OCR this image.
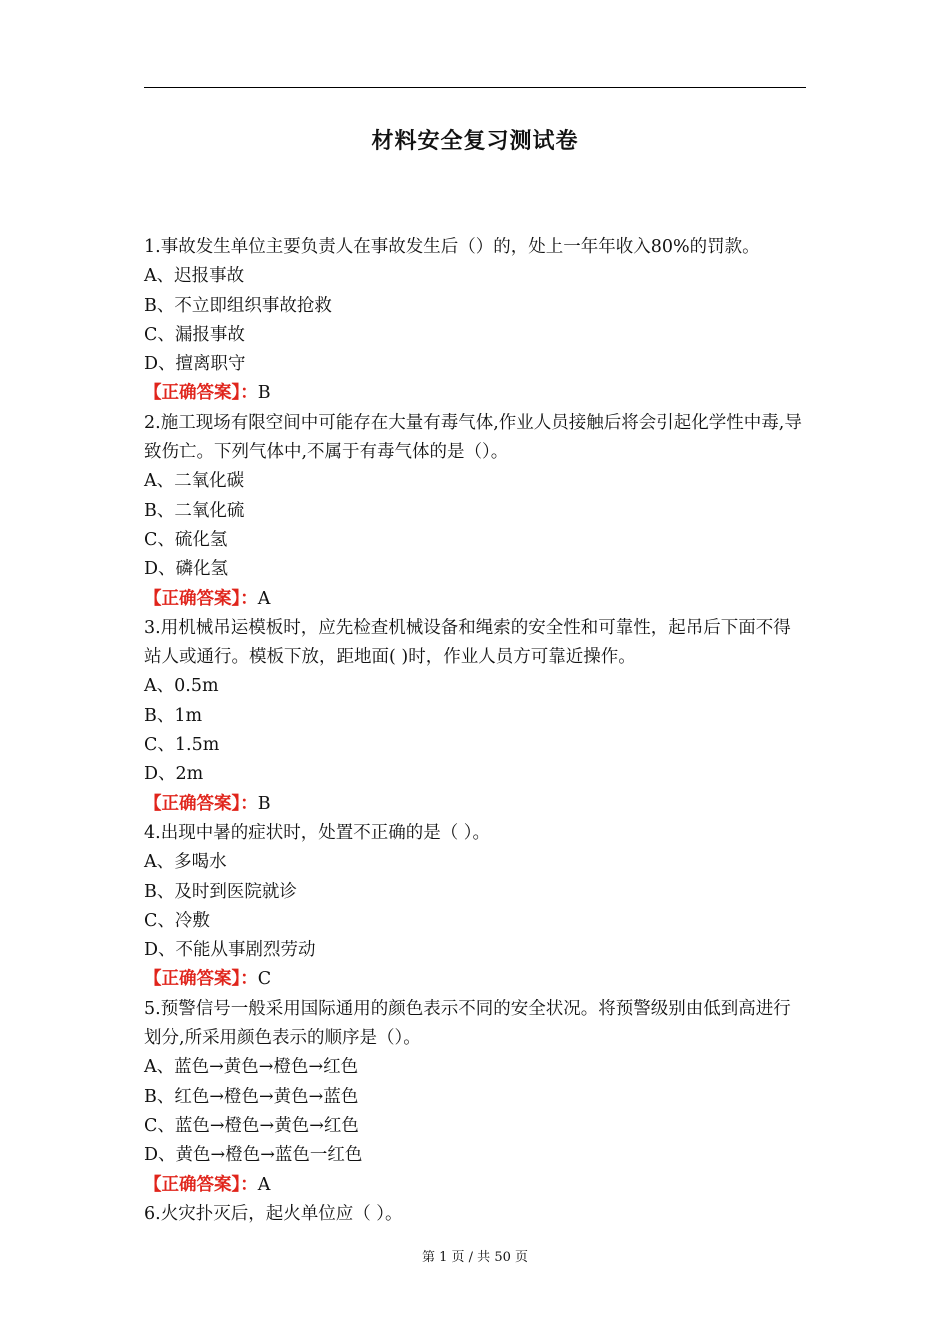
材料安全复习测试卷
1.事故发生单位主要负责人在事故发生后（）的，处上一年年收入80%的罚款。
A、迟报事故
B、不立即组织事故抢救
C、漏报事故
D、擅离职守
【正确答案】：B
2.施工现场有限空间中可能存在大量有毒气体,作业人员接触后将会引起化学性中毒,导致伤亡。下列气体中,不属于有毒气体的是（）。
A、二氧化碳
B、二氧化硫
C、硫化氢
D、磷化氢
【正确答案】：A
3.用机械吊运模板时，应先检查机械设备和绳索的安全性和可靠性，起吊后下面不得站人或通行。模板下放，距地面( )时，作业人员方可靠近操作。
A、0.5m
B、1m
C、1.5m
D、2m
【正确答案】：B
4.出现中暑的症状时，处置不正确的是（ ）。
A、多喝水
B、及时到医院就诊
C、冷敷
D、不能从事剧烈劳动
【正确答案】：C
5.预警信号一般采用国际通用的颜色表示不同的安全状况。将预警级别由低到高进行划分,所采用颜色表示的顺序是（）。
A、蓝色→黄色→橙色→红色
B、红色→橙色→黄色→蓝色
C、蓝色→橙色→黄色→红色
D、黄色→橙色→蓝色一红色
【正确答案】：A
6.火灾扑灭后，起火单位应（ ）。
第 1 页 / 共 50 页
